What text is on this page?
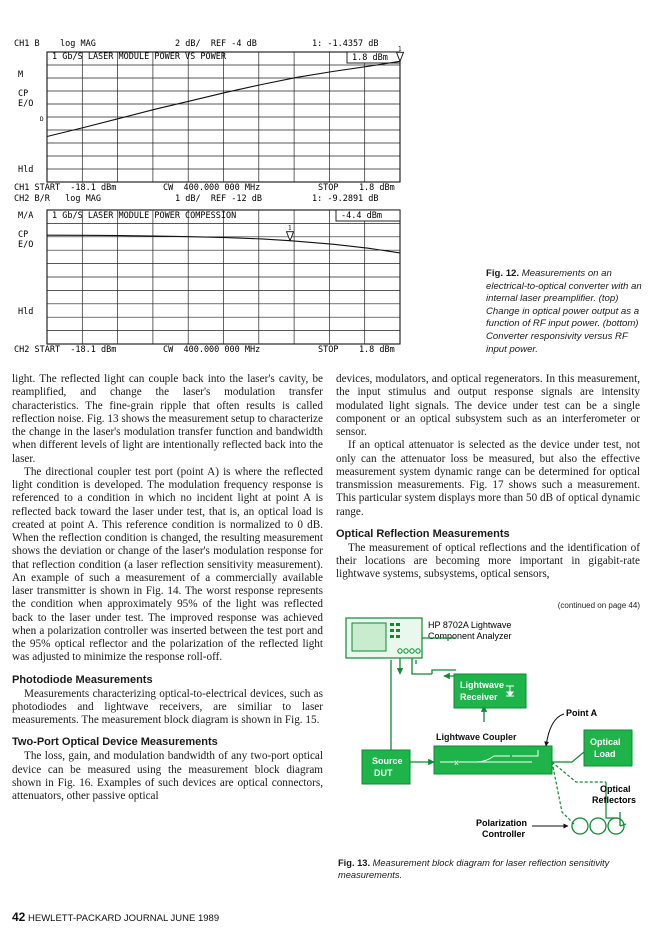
CH1 B    log MAG	2 dB/  REF -4 dB	1: -1.4357 dB
M
CP
E/O
D
Hld
1 Gb/S LASER MODULE POWER VS POWER	1.8 dBm
1
CH1 START  -18.1 dBm	CW  400.000 000 MHz	STOP    1.8 dBm
CH2 B/R   log MAG	1 dB/  REF -12 dB	1: -9.2891 dB
M/A
CP
E/O
Hld
1 Gb/S LASER MODULE POWER COMPESSION	-4.4 dBm
1
CH2 START  -18.1 dBm	CW  400.000 000 MHz	STOP    1.8 dBm
Fig. 12. Measurements on an electrical-to-optical converter with an internal laser preamplifier. (top) Change in optical power output as a function of RF input power. (bottom) Converter responsivity versus RF input power.

light. The reflected light can couple back into the laser's cavity, be reamplified, and change the laser's modulation transfer characteristics. The fine-grain ripple that often results is called reflection noise. Fig. 13 shows the measurement setup to characterize the change in the laser's modulation transfer function and bandwidth when different levels of light are intentionally reflected back into the laser.

The directional coupler test port (point A) is where the reflected light condition is developed. The modulation frequency response is referenced to a condition in which no incident light at point A is reflected back toward the laser under test, that is, an optical load is created at point A. This reference condition is normalized to 0 dB. When the reflection condition is changed, the resulting measurement shows the deviation or change of the laser's modulation response for that reflection condition (a laser reflection sensitivity measurement). An example of such a measurement of a commercially available laser transmitter is shown in Fig. 14. The worst response represents the condition when approximately 95% of the light was reflected back to the laser under test. The improved response was achieved when a polarization controller was inserted between the test port and the 95% optical reflector and the polarization of the reflected light was adjusted to minimize the response roll-off.

Photodiode Measurements

Measurements characterizing optical-to-electrical devices, such as photodiodes and lightwave receivers, are similiar to laser measurements. The measurement block diagram is shown in Fig. 15.

Two-Port Optical Device Measurements

The loss, gain, and modulation bandwidth of any two-port optical device can be measured using the measurement block diagram shown in Fig. 16. Examples of such devices are optical connectors, attenuators, other passive optical

devices, modulators, and optical regenerators. In this measurement, the input stimulus and output response signals are intensity modulated light signals. The device under test can be a single component or an optical subsystem such as an interferometer or sensor.

If an optical attenuator is selected as the device under test, not only can the attenuator loss be measured, but also the effective measurement system dynamic range can be determined for optical transmission measurements. Fig. 17 shows such a measurement. This particular system displays more than 50 dB of optical dynamic range.

Optical Reflection Measurements

The measurement of optical reflections and the identification of their locations are becoming more important in gigabit-rate lightwave systems, subsystems, optical sensors,

(continued on page 44)
HP 8702A Lightwave
Component Analyzer
Lightwave
Receiver
Lightwave Coupler
x
Source
DUT
Optical
Load
Point A
Optical
Reflectors
Polarization
Controller
Fig. 13. Measurement block diagram for laser reflection sensitivity measurements.
42 HEWLETT-PACKARD JOURNAL JUNE 1989
